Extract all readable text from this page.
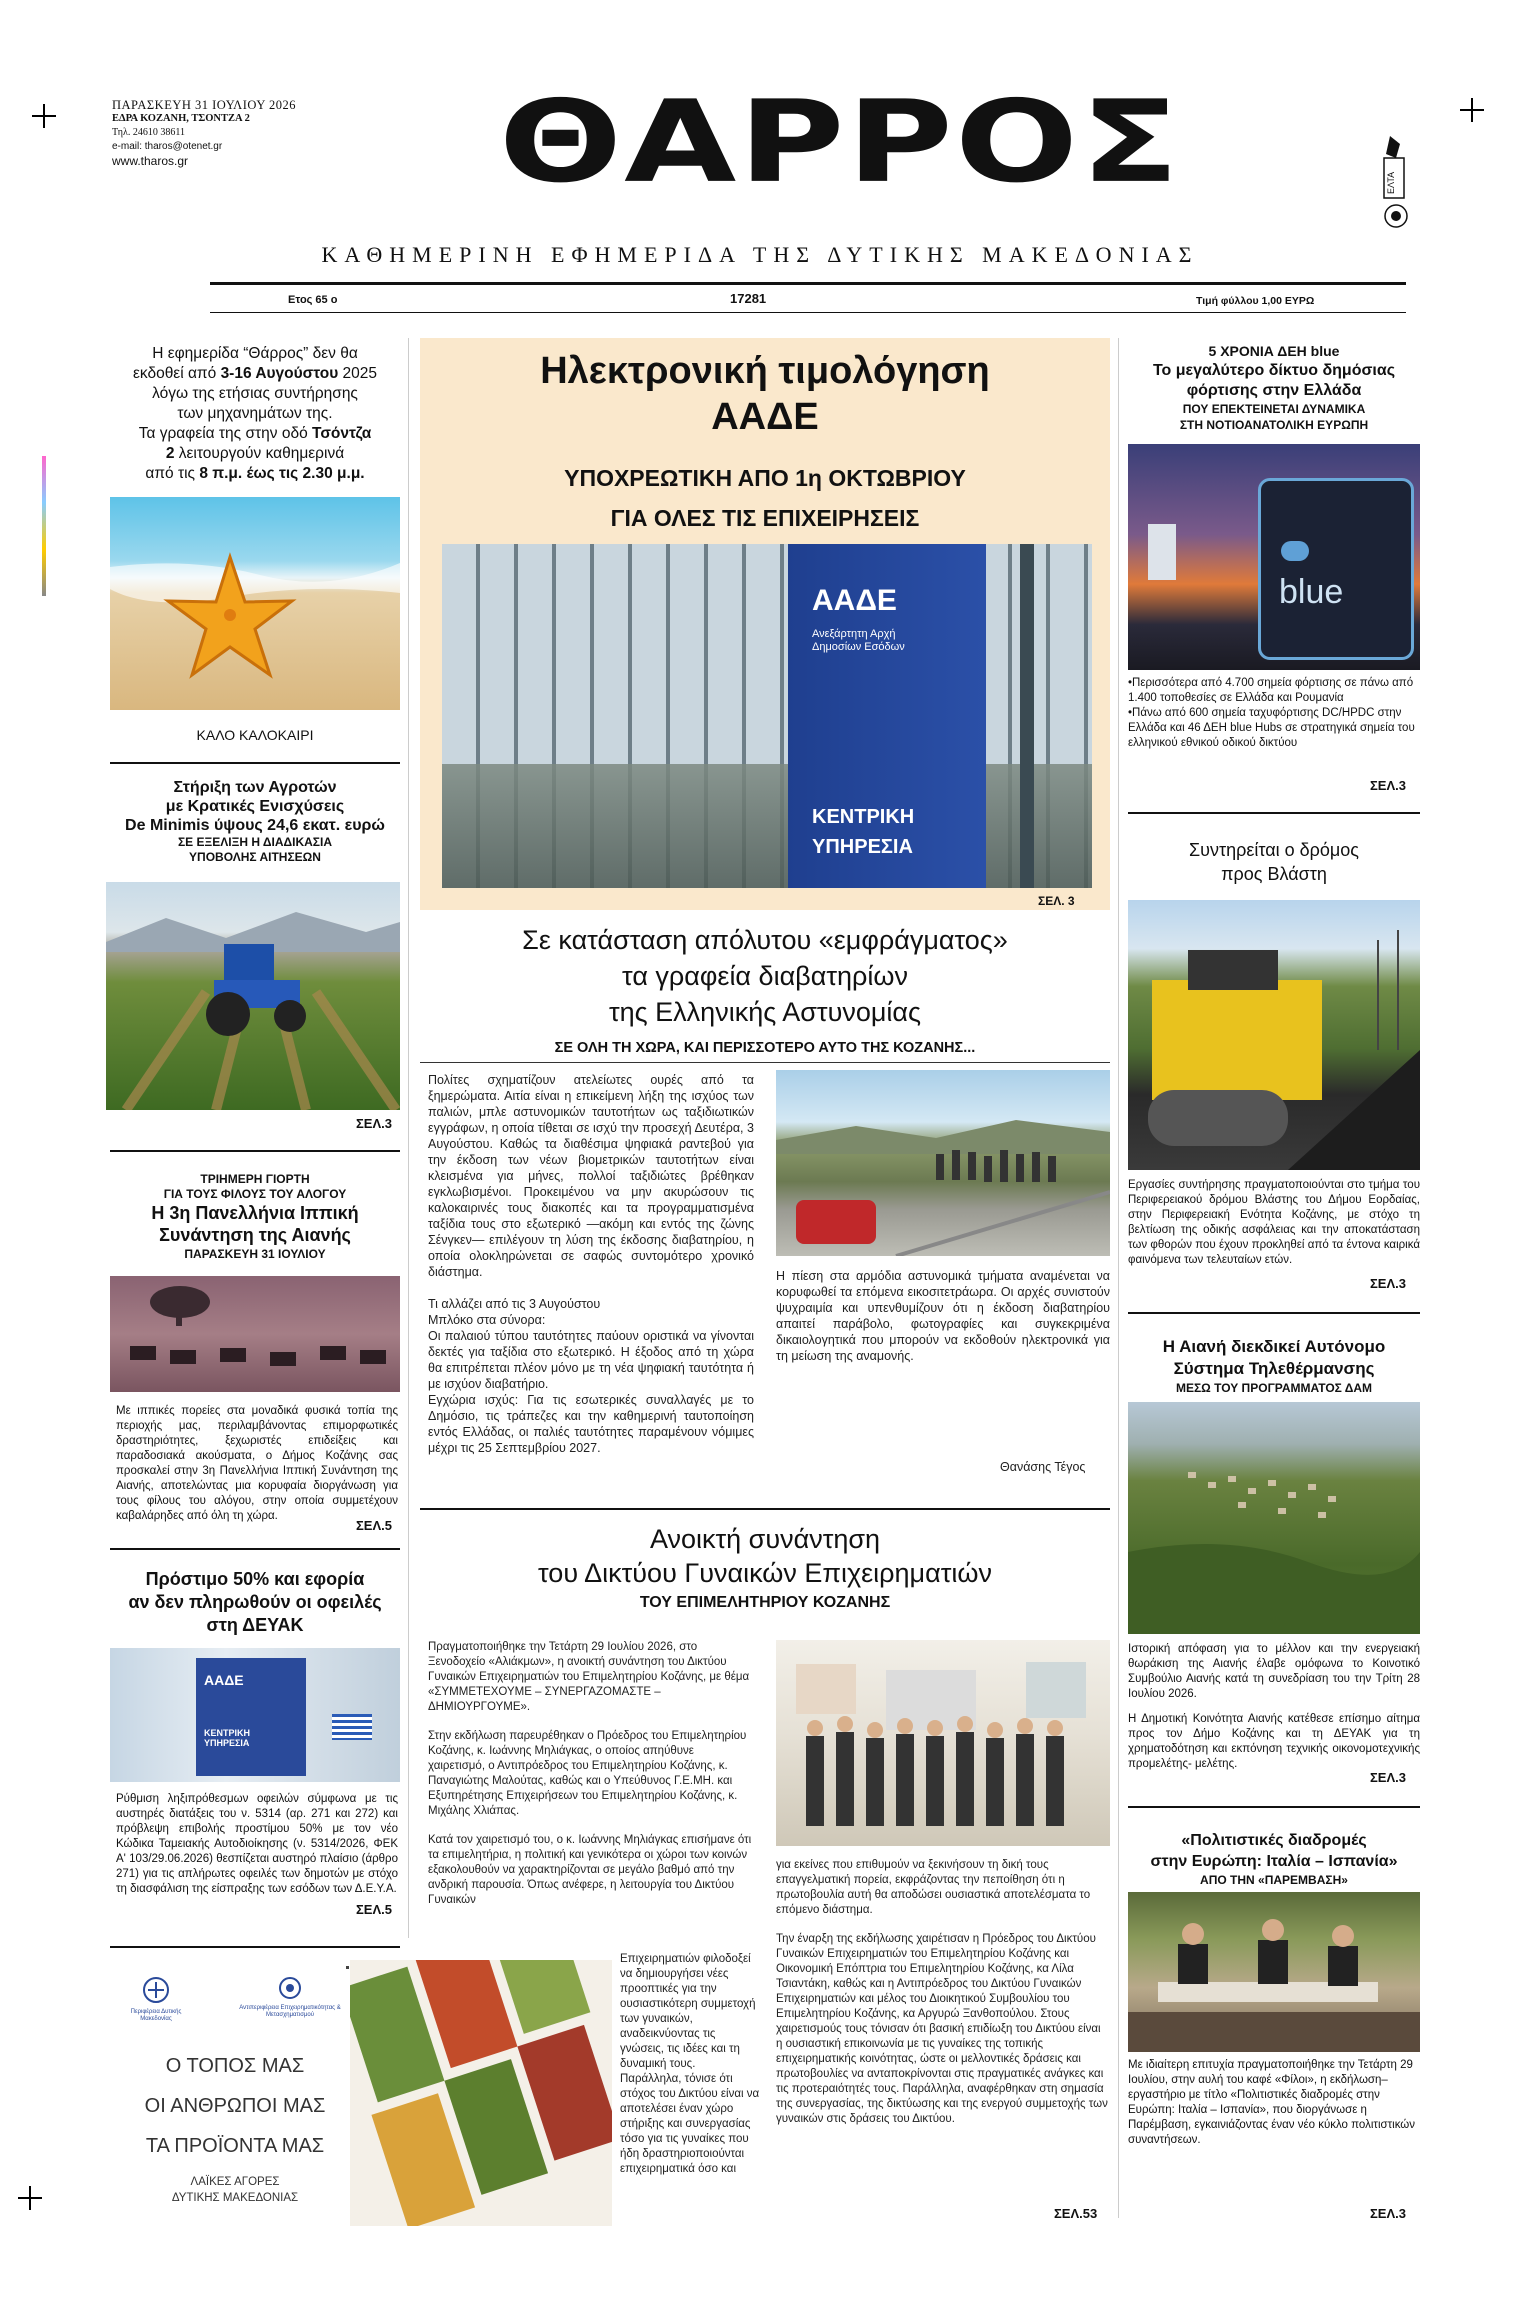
ΠΑΡΑΣΚΕΥΗ 31 ΙΟΥΛΙΟΥ 2026
ΕΔΡΑ ΚΟΖΑΝΗ, ΤΣΟΝΤΖΑ 2
Τηλ. 24610 38611
e-mail: tharos@otenet.gr
www.tharos.gr	ΘΑΡΡΟΣ	ΕΛΤΑ
ΚΑΘΗΜΕΡΙΝΗ ΕΦΗΜΕΡΙΔΑ ΤΗΣ ΔΥΤΙΚΗΣ ΜΑΚΕΔΟΝΙΑΣ
Ετος 65 ο	17281	Τιμή φύλλου 1,00 ΕΥΡΩ
Η εφημερίδα “Θάρρος” δεν θα
εκδοθεί από 3-16 Αυγούστου 2025
λόγω της ετήσιας συντήρησης
των μηχανημάτων της.
Τα γραφεία της στην οδό Τσόντζα
2 λειτουργούν καθημερινά
από τις 8 π.μ. έως τις 2.30 μ.μ.
ΚΑΛΟ ΚΑΛΟΚΑΙΡΙ
Στήριξη των Αγροτών
με Κρατικές Ενισχύσεις
De Minimis ύψους 24,6 εκατ. ευρώ
ΣΕ ΕΞΕΛΙΞΗ Η ΔΙΑΔΙΚΑΣΙΑ
ΥΠΟΒΟΛΗΣ ΑΙΤΗΣΕΩΝ
ΣΕΛ.3
ΤΡΙΗΜΕΡΗ ΓΙΟΡΤΗ
ΓΙΑ ΤΟΥΣ ΦΙΛΟΥΣ ΤΟΥ ΑΛΟΓΟΥ
Η 3η Πανελλήνια Ιππική
Συνάντηση της Αιανής
ΠΑΡΑΣΚΕΥΗ 31 ΙΟΥΛΙΟΥ
Με ιππικές πορείες στα μοναδικά φυσικά τοπία της περιοχής μας, περιλαμβάνοντας επιμορφωτικές δραστηριότητες, ξεχωριστές επιδείξεις και παραδοσιακά ακούσματα, ο Δήμος Κοζάνης σας προσκαλεί στην 3η Πανελλήνια Ιππική Συνάντηση της Αιανής, αποτελώντας μια κορυφαία διοργάνωση για τους φίλους του αλόγου, στην οποία συμμετέχουν καβαλάρηδες από όλη τη χώρα.
ΣΕΛ.5
Πρόστιμο 50% και εφορία
αν δεν πληρωθούν οι οφειλές
στη ΔΕΥΑΚ
ΑΑΔΕ
ΚΕΝΤΡΙΚΗ ΥΠΗΡΕΣΙΑ
Ρύθμιση ληξιπρόθεσμων οφειλών σύμφωνα με τις αυστηρές διατάξεις του ν. 5314 (αρ. 271 και 272) και πρόβλεψη επιβολής προστίμου 50% με τον νέο Κώδικα Ταμειακής Αυτοδιοίκησης (ν. 5314/2026, ΦΕΚ Α' 103/29.06.2026) θεσπίζεται αυστηρό πλαίσιο (άρθρο 271) για τις απλήρωτες οφειλές των δημοτών με στόχο τη διασφάλιση της είσπραξης των εσόδων των Δ.Ε.Υ.Α.
ΣΕΛ.5
Περιφέρεια Δυτικής Μακεδονίας
Αντιπεριφέρεια Επιχειρηματικότητας & Μετασχηματισμού
Ο ΤΟΠΟΣ ΜΑΣ
ΟΙ ΑΝΘΡΩΠΟΙ ΜΑΣ
ΤΑ ΠΡΟΪΟΝΤΑ ΜΑΣ
ΛΑΪΚΕΣ ΑΓΟΡΕΣ
ΔΥΤΙΚΗΣ ΜΑΚΕΔΟΝΙΑΣ
Ηλεκτρονική τιμολόγηση
ΑΑΔΕ
ΥΠΟΧΡΕΩΤΙΚΗ ΑΠΟ 1η ΟΚΤΩΒΡΙΟΥ
ΓΙΑ ΟΛΕΣ ΤΙΣ ΕΠΙΧΕΙΡΗΣΕΙΣ
ΑΑΔΕ
Ανεξάρτητη Αρχή Δημοσίων Εσόδων
ΚΕΝΤΡΙΚΗ
ΥΠΗΡΕΣΙΑ
ΣΕΛ. 3
Σε κατάσταση απόλυτου «εμφράγματος»
τα γραφεία διαβατηρίων
της Ελληνικής Αστυνομίας
ΣΕ ΟΛΗ ΤΗ ΧΩΡΑ, ΚΑΙ ΠΕΡΙΣΣΟΤΕΡΟ ΑΥΤΟ ΤΗΣ ΚΟΖΑΝΗΣ...
Πολίτες σχηματίζουν ατελείωτες ουρές από τα ξημερώματα. Αιτία είναι η επικείμενη λήξη της ισχύος των παλιών, μπλε αστυνομικών ταυτοτήτων ως ταξιδιωτικών εγγράφων, η οποία τίθεται σε ισχύ την προσεχή Δευτέρα, 3 Αυγούστου. Καθώς τα διαθέσιμα ψηφιακά ραντεβού για την έκδοση των νέων βιομετρικών ταυτοτήτων είναι κλεισμένα για μήνες, πολλοί ταξιδιώτες βρέθηκαν εγκλωβισμένοι. Προκειμένου να μην ακυρώσουν τις καλοκαιρινές τους διακοπές και τα προγραμματισμένα ταξίδια τους στο εξωτερικό —ακόμη και εντός της ζώνης Σένγκεν— επιλέγουν τη λύση της έκδοσης διαβατηρίου, η οποία ολοκληρώνεται σε σαφώς συντομότερο χρονικό διάστημα.
Τι αλλάζει από τις 3 Αυγούστου
Μπλόκο στα σύνορα:
Οι παλαιού τύπου ταυτότητες παύουν οριστικά να γίνονται δεκτές για ταξίδια στο εξωτερικό. Η έξοδος από τη χώρα θα επιτρέπεται πλέον μόνο με τη νέα ψηφιακή ταυτότητα ή με ισχύον διαβατήριο.
Εγχώρια ισχύς: Για τις εσωτερικές συναλλαγές με το Δημόσιο, τις τράπεζες και την καθημερινή ταυτοποίηση εντός Ελλάδας, οι παλιές ταυτότητες παραμένουν νόμιμες μέχρι τις 25 Σεπτεμβρίου 2027.
Η πίεση στα αρμόδια αστυνομικά τμήματα αναμένεται να κορυφωθεί τα επόμενα εικοσιτετράωρα. Οι αρχές συνιστούν ψυχραιμία και υπενθυμίζουν ότι η έκδοση διαβατηρίου απαιτεί παράβολο, φωτογραφίες και συγκεκριμένα δικαιολογητικά που μπορούν να εκδοθούν ηλεκτρονικά για τη μείωση της αναμονής.
Θανάσης Τέγος
Ανοικτή συνάντηση
του Δικτύου Γυναικών Επιχειρηματιών
ΤΟΥ ΕΠΙΜΕΛΗΤΗΡΙΟΥ ΚΟΖΑΝΗΣ
Πραγματοποιήθηκε την Τετάρτη 29 Ιουλίου 2026, στο Ξενοδοχείο «Αλιάκμων», η ανοικτή συνάντηση του Δικτύου Γυναικών Επιχειρηματιών του Επιμελητηρίου Κοζάνης, με θέμα «ΣΥΜΜΕΤΕΧΟΥΜΕ – ΣΥΝΕΡΓΑΖΟΜΑΣΤΕ – ΔΗΜΙΟΥΡΓΟΥΜΕ».
Στην εκδήλωση παρευρέθηκαν ο Πρόεδρος του Επιμελητηρίου Κοζάνης, κ. Ιωάννης Μηλιάγκας, ο οποίος απηύθυνε χαιρετισμό, ο Αντιπρόεδρος του Επιμελητηρίου Κοζάνης, κ. Παναγιώτης Μαλούτας, καθώς και ο Υπεύθυνος Γ.Ε.ΜΗ. και Εξυπηρέτησης Επιχειρήσεων του Επιμελητηρίου Κοζάνης, κ. Μιχάλης Χλιάπας.
Κατά τον χαιρετισμό του, ο κ. Ιωάννης Μηλιάγκας επισήμανε ότι τα επιμελητήρια, η πολιτική και γενικότερα οι χώροι των κοινών εξακολουθούν να χαρακτηρίζονται σε μεγάλο βαθμό από την ανδρική παρουσία. Όπως ανέφερε, η λειτουργία του Δικτύου Γυναικών
Επιχειρηματιών φιλοδοξεί να δημιουργήσει νέες προοπτικές για την ουσιαστικότερη συμμετοχή των γυναικών, αναδεικνύοντας τις γνώσεις, τις ιδέες και τη δυναμική τους. Παράλληλα, τόνισε ότι στόχος του Δικτύου είναι να αποτελέσει έναν χώρο στήριξης και συνεργασίας τόσο για τις γυναίκες που ήδη δραστηριοποιούνται επιχειρηματικά όσο και
για εκείνες που επιθυμούν να ξεκινήσουν τη δική τους επαγγελματική πορεία, εκφράζοντας την πεποίθηση ότι η πρωτοβουλία αυτή θα αποδώσει ουσιαστικά αποτελέσματα το επόμενο διάστημα.
Την έναρξη της εκδήλωσης χαιρέτισαν η Πρόεδρος του Δικτύου Γυναικών Επιχειρηματιών του Επιμελητηρίου Κοζάνης και Οικονομική Επόπτρια του Επιμελητηρίου Κοζάνης, κα Λίλα Τσιαντάκη, καθώς και η Αντιπρόεδρος του Δικτύου Γυναικών Επιχειρηματιών και μέλος του Διοικητικού Συμβουλίου του Επιμελητηρίου Κοζάνης, κα Αργυρώ Ξανθοπούλου. Στους χαιρετισμούς τους τόνισαν ότι βασική επιδίωξη του Δικτύου είναι η ουσιαστική επικοινωνία με τις γυναίκες της τοπικής επιχειρηματικής κοινότητας, ώστε οι μελλοντικές δράσεις και πρωτοβουλίες να ανταποκρίνονται στις πραγματικές ανάγκες και τις προτεραιότητές τους. Παράλληλα, αναφέρθηκαν στη σημασία της συνεργασίας, της δικτύωσης και της ενεργού συμμετοχής των γυναικών στις δράσεις του Δικτύου.
ΣΕΛ.53
5 ΧΡΟΝΙΑ ΔΕΗ blue
Το μεγαλύτερο δίκτυο δημόσιας
φόρτισης στην Ελλάδα
ΠΟΥ ΕΠΕΚΤΕΙΝΕΤΑΙ ΔΥΝΑΜΙΚΑ
ΣΤΗ ΝΟΤΙΟΑΝΑΤΟΛΙΚΗ ΕΥΡΩΠΗ
blue
•Περισσότερα από 4.700 σημεία φόρτισης σε πάνω από 1.400 τοποθεσίες σε Ελλάδα και Ρουμανία
•Πάνω από 600 σημεία ταχυφόρτισης DC/HPDC στην Ελλάδα και 46 ΔΕΗ blue Hubs σε στρατηγικά σημεία του ελληνικού εθνικού οδικού δικτύου
ΣΕΛ.3
Συντηρείται ο δρόμος
προς Βλάστη
Εργασίες συντήρησης πραγματοποιούνται στο τμήμα του Περιφερειακού δρόμου Βλάστης του Δήμου Εορδαίας, στην Περιφερειακή Ενότητα Κοζάνης, με στόχο τη βελτίωση της οδικής ασφάλειας και την αποκατάσταση των φθορών που έχουν προκληθεί από τα έντονα καιρικά φαινόμενα των τελευταίων ετών.
ΣΕΛ.3
Η Αιανή διεκδικεί Αυτόνομο
Σύστημα Τηλεθέρμανσης
ΜΕΣΩ ΤΟΥ ΠΡΟΓΡΑΜΜΑΤΟΣ ΔΑΜ
Ιστορική απόφαση για το μέλλον και την ενεργειακή θωράκιση της Αιανής έλαβε ομόφωνα το Κοινοτικό Συμβούλιο Αιανής κατά τη συνεδρίαση του την Τρίτη 28 Ιουλίου 2026.
Η Δημοτική Κοινότητα Αιανής κατέθεσε επίσημο αίτημα προς τον Δήμο Κοζάνης και τη ΔΕΥΑΚ για τη χρηματοδότηση και εκπόνηση τεχνικής οικονομοτεχνικής προμελέτης- μελέτης.
ΣΕΛ.3
«Πολιτιστικές διαδρομές
στην Ευρώπη: Ιταλία – Ισπανία»
ΑΠΟ ΤΗΝ «ΠΑΡΕΜΒΑΣΗ»
Με ιδιαίτερη επιτυχία πραγματοποιήθηκε την Τετάρτη 29 Ιουλίου, στην αυλή του καφέ «Φίλοι», η εκδήλωση–εργαστήριο με τίτλο «Πολιτιστικές διαδρομές στην Ευρώπη: Ιταλία – Ισπανία», που διοργάνωσε η Παρέμβαση, εγκαινιάζοντας έναν νέο κύκλο πολιτιστικών συναντήσεων.
ΣΕΛ.3
